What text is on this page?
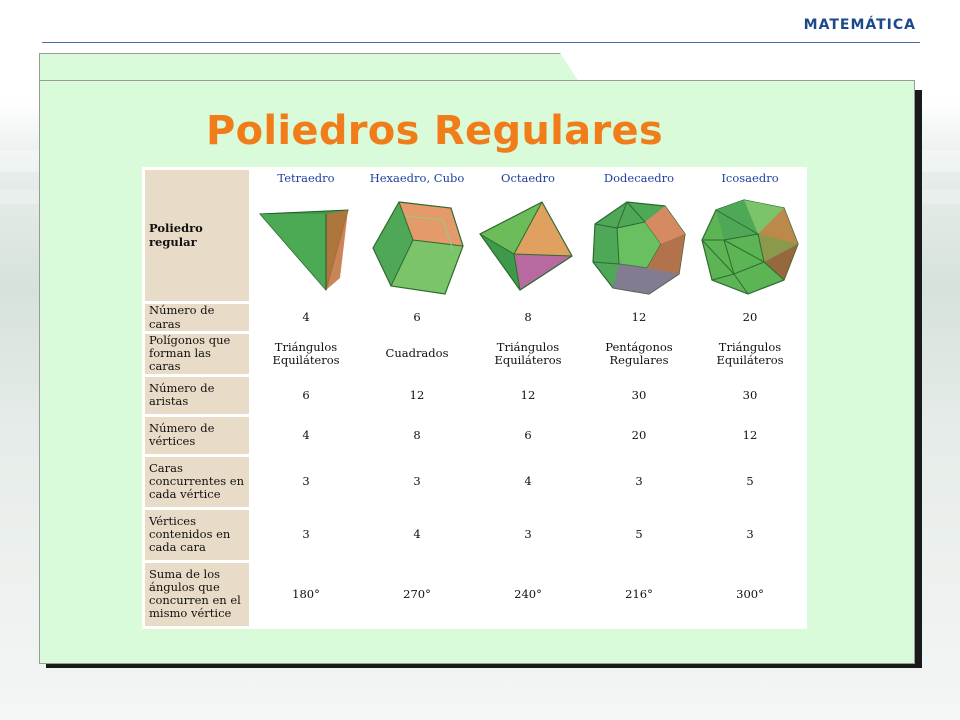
MATEMÁTICA
Poliedros Regulares
Poliedro regular	Tetraedro	Hexaedro, Cubo	Octaedro	Dodecaedro	Icosaedro

Número de caras	4	6	8	12	20
Polígonos que forman las caras	Triángulos Equiláteros	Cuadrados	Triángulos Equiláteros	Pentágonos Regulares	Triángulos Equiláteros
Número de aristas	6	12	12	30	30
Número de vértices	4	8	6	20	12
Caras concurrentes en cada vértice	3	3	4	3	5
Vértices contenidos en cada cara	3	4	3	5	3
Suma de los ángulos que concurren en el mismo vértice	180°	270°	240°	216°	300°
